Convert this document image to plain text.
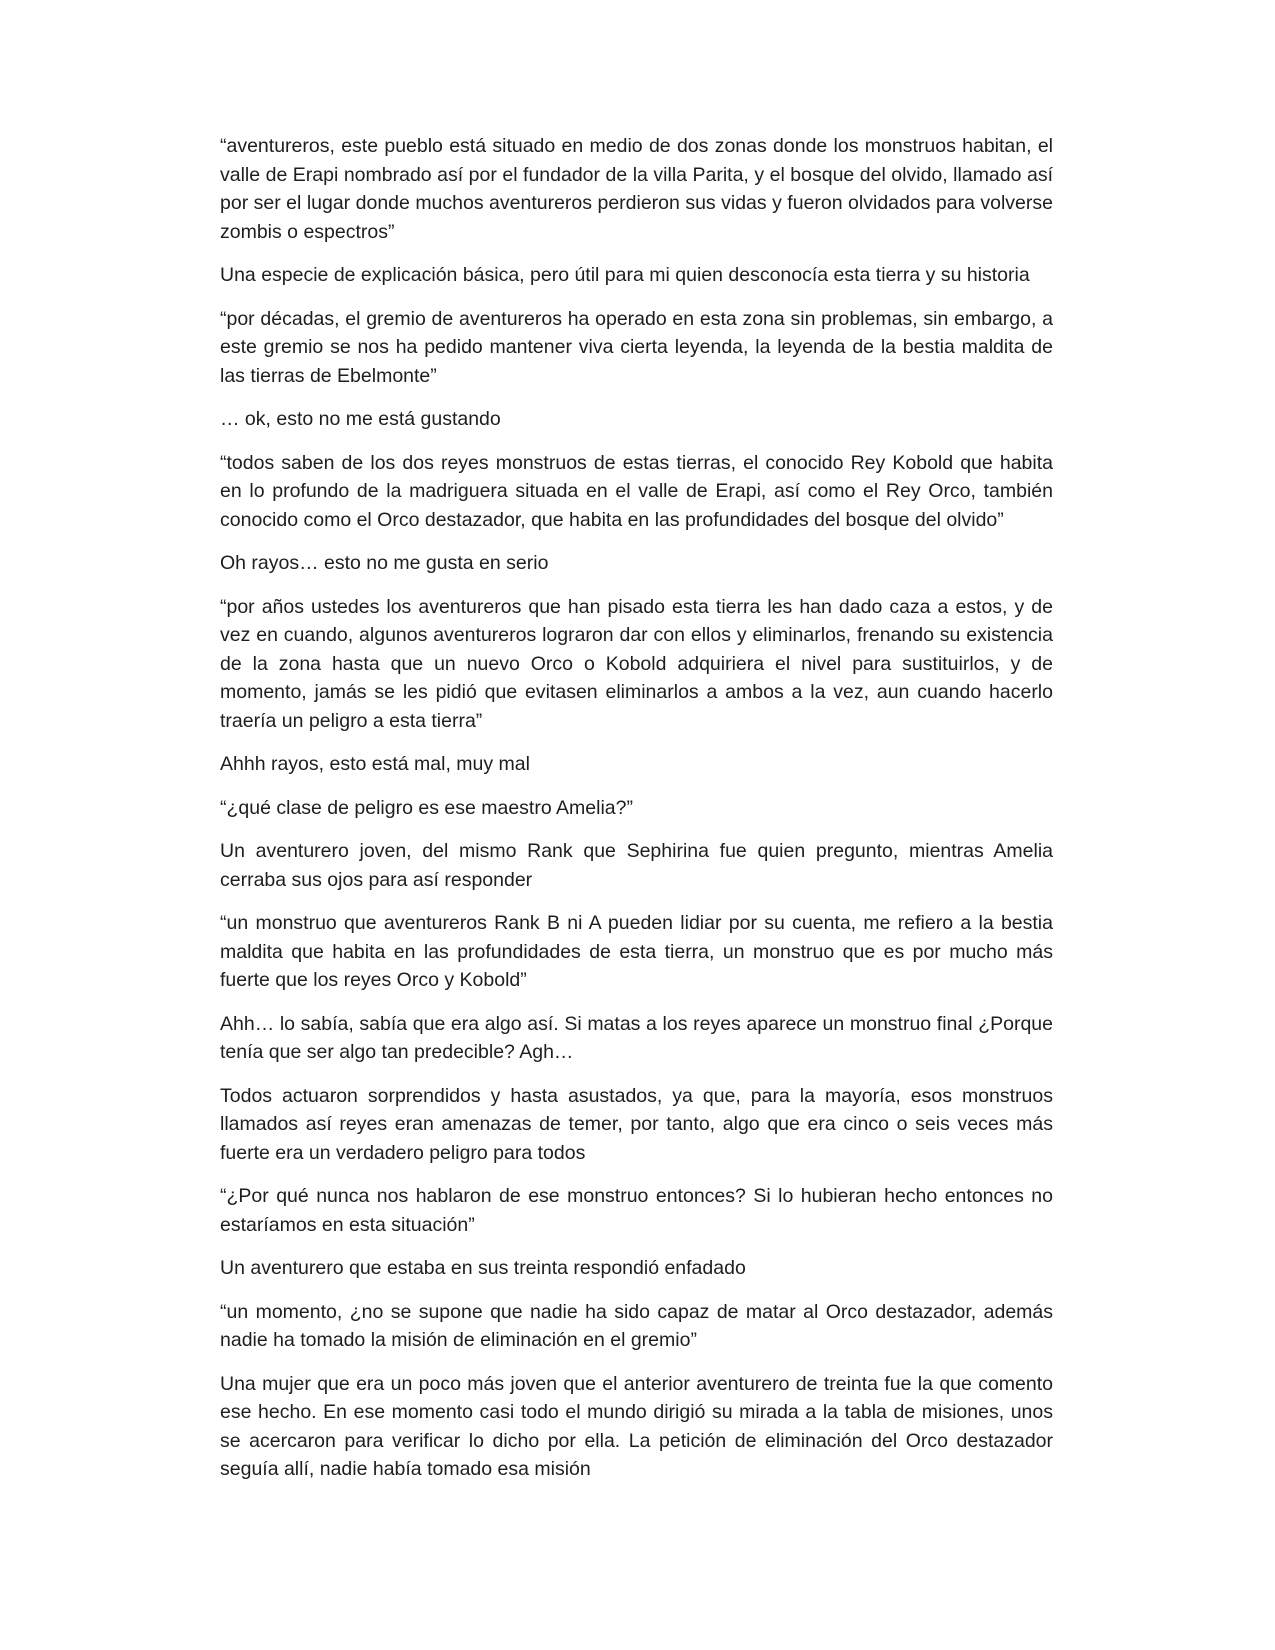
“aventureros, este pueblo está situado en medio de dos zonas donde los monstruos habitan, el valle de Erapi nombrado así por el fundador de la villa Parita, y el bosque del olvido, llamado así por ser el lugar donde muchos aventureros perdieron sus vidas y fueron olvidados para volverse zombis o espectros”

Una especie de explicación básica, pero útil para mi quien desconocía esta tierra y su historia

“por décadas, el gremio de aventureros ha operado en esta zona sin problemas, sin embargo, a este gremio se nos ha pedido mantener viva cierta leyenda, la leyenda de la bestia maldita de las tierras de Ebelmonte”

… ok, esto no me está gustando

“todos saben de los dos reyes monstruos de estas tierras, el conocido Rey Kobold que habita en lo profundo de la madriguera situada en el valle de Erapi, así como el Rey Orco, también conocido como el Orco destazador, que habita en las profundidades del bosque del olvido”

Oh rayos… esto no me gusta en serio

“por años ustedes los aventureros que han pisado esta tierra les han dado caza a estos, y de vez en cuando, algunos aventureros lograron dar con ellos y eliminarlos, frenando su existencia de la zona hasta que un nuevo Orco o Kobold adquiriera el nivel para sustituirlos, y de momento, jamás se les pidió que evitasen eliminarlos a ambos a la vez, aun cuando hacerlo traería un peligro a esta tierra”

Ahhh rayos, esto está mal, muy mal

“¿qué clase de peligro es ese maestro Amelia?”

Un aventurero joven, del mismo Rank que Sephirina fue quien pregunto, mientras Amelia cerraba sus ojos para así responder

“un monstruo que aventureros Rank B ni A pueden lidiar por su cuenta, me refiero a la bestia maldita que habita en las profundidades de esta tierra, un monstruo que es por mucho más fuerte que los reyes Orco y Kobold”

Ahh… lo sabía, sabía que era algo así. Si matas a los reyes aparece un monstruo final ¿Porque tenía que ser algo tan predecible? Agh…

Todos actuaron sorprendidos y hasta asustados, ya que, para la mayoría, esos monstruos llamados así reyes eran amenazas de temer, por tanto, algo que era cinco o seis veces más fuerte era un verdadero peligro para todos

“¿Por qué nunca nos hablaron de ese monstruo entonces? Si lo hubieran hecho entonces no estaríamos en esta situación”

Un aventurero que estaba en sus treinta respondió enfadado

“un momento, ¿no se supone que nadie ha sido capaz de matar al Orco destazador, además nadie ha tomado la misión de eliminación en el gremio”

Una mujer que era un poco más joven que el anterior aventurero de treinta fue la que comento ese hecho. En ese momento casi todo el mundo dirigió su mirada a la tabla de misiones, unos se acercaron para verificar lo dicho por ella. La petición de eliminación del Orco destazador seguía allí, nadie había tomado esa misión
